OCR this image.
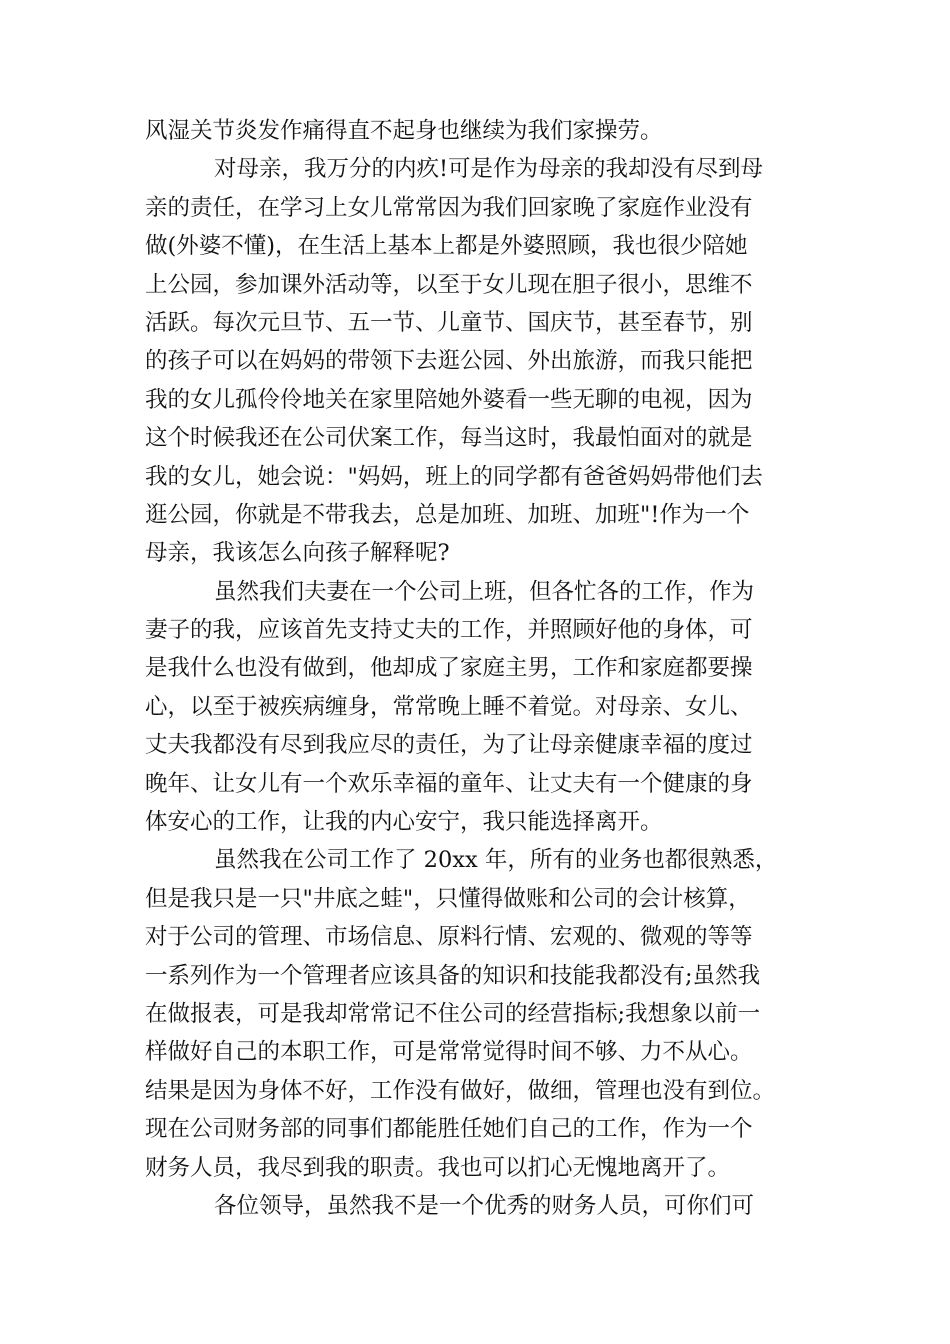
风湿关节炎发作痛得直不起身也继续为我们家操劳。
对母亲，我万分的内疚!可是作为母亲的我却没有尽到母
亲的责任，在学习上女儿常常因为我们回家晚了家庭作业没有
做(外婆不懂)，在生活上基本上都是外婆照顾，我也很少陪她
上公园，参加课外活动等，以至于女儿现在胆子很小，思维不
活跃。每次元旦节、五一节、儿童节、国庆节，甚至春节，别
的孩子可以在妈妈的带领下去逛公园、外出旅游，而我只能把
我的女儿孤伶伶地关在家里陪她外婆看一些无聊的电视，因为
这个时候我还在公司伏案工作，每当这时，我最怕面对的就是
我的女儿，她会说："妈妈，班上的同学都有爸爸妈妈带他们去
逛公园，你就是不带我去，总是加班、加班、加班"!作为一个
母亲，我该怎么向孩子解释呢?
虽然我们夫妻在一个公司上班，但各忙各的工作，作为
妻子的我，应该首先支持丈夫的工作，并照顾好他的身体，可
是我什么也没有做到，他却成了家庭主男，工作和家庭都要操
心，以至于被疾病缠身，常常晚上睡不着觉。对母亲、女儿、
丈夫我都没有尽到我应尽的责任，为了让母亲健康幸福的度过
晚年、让女儿有一个欢乐幸福的童年、让丈夫有一个健康的身
体安心的工作，让我的内心安宁，我只能选择离开。
虽然我在公司工作了 20xx 年，所有的业务也都很熟悉，
但是我只是一只"井底之蛙"，只懂得做账和公司的会计核算，
对于公司的管理、市场信息、原料行情、宏观的、微观的等等
一系列作为一个管理者应该具备的知识和技能我都没有;虽然我
在做报表，可是我却常常记不住公司的经营指标;我想象以前一
样做好自己的本职工作，可是常常觉得时间不够、力不从心。
结果是因为身体不好，工作没有做好，做细，管理也没有到位。
现在公司财务部的同事们都能胜任她们自己的工作，作为一个
财务人员，我尽到我的职责。我也可以扪心无愧地离开了。
各位领导，虽然我不是一个优秀的财务人员，可你们可
